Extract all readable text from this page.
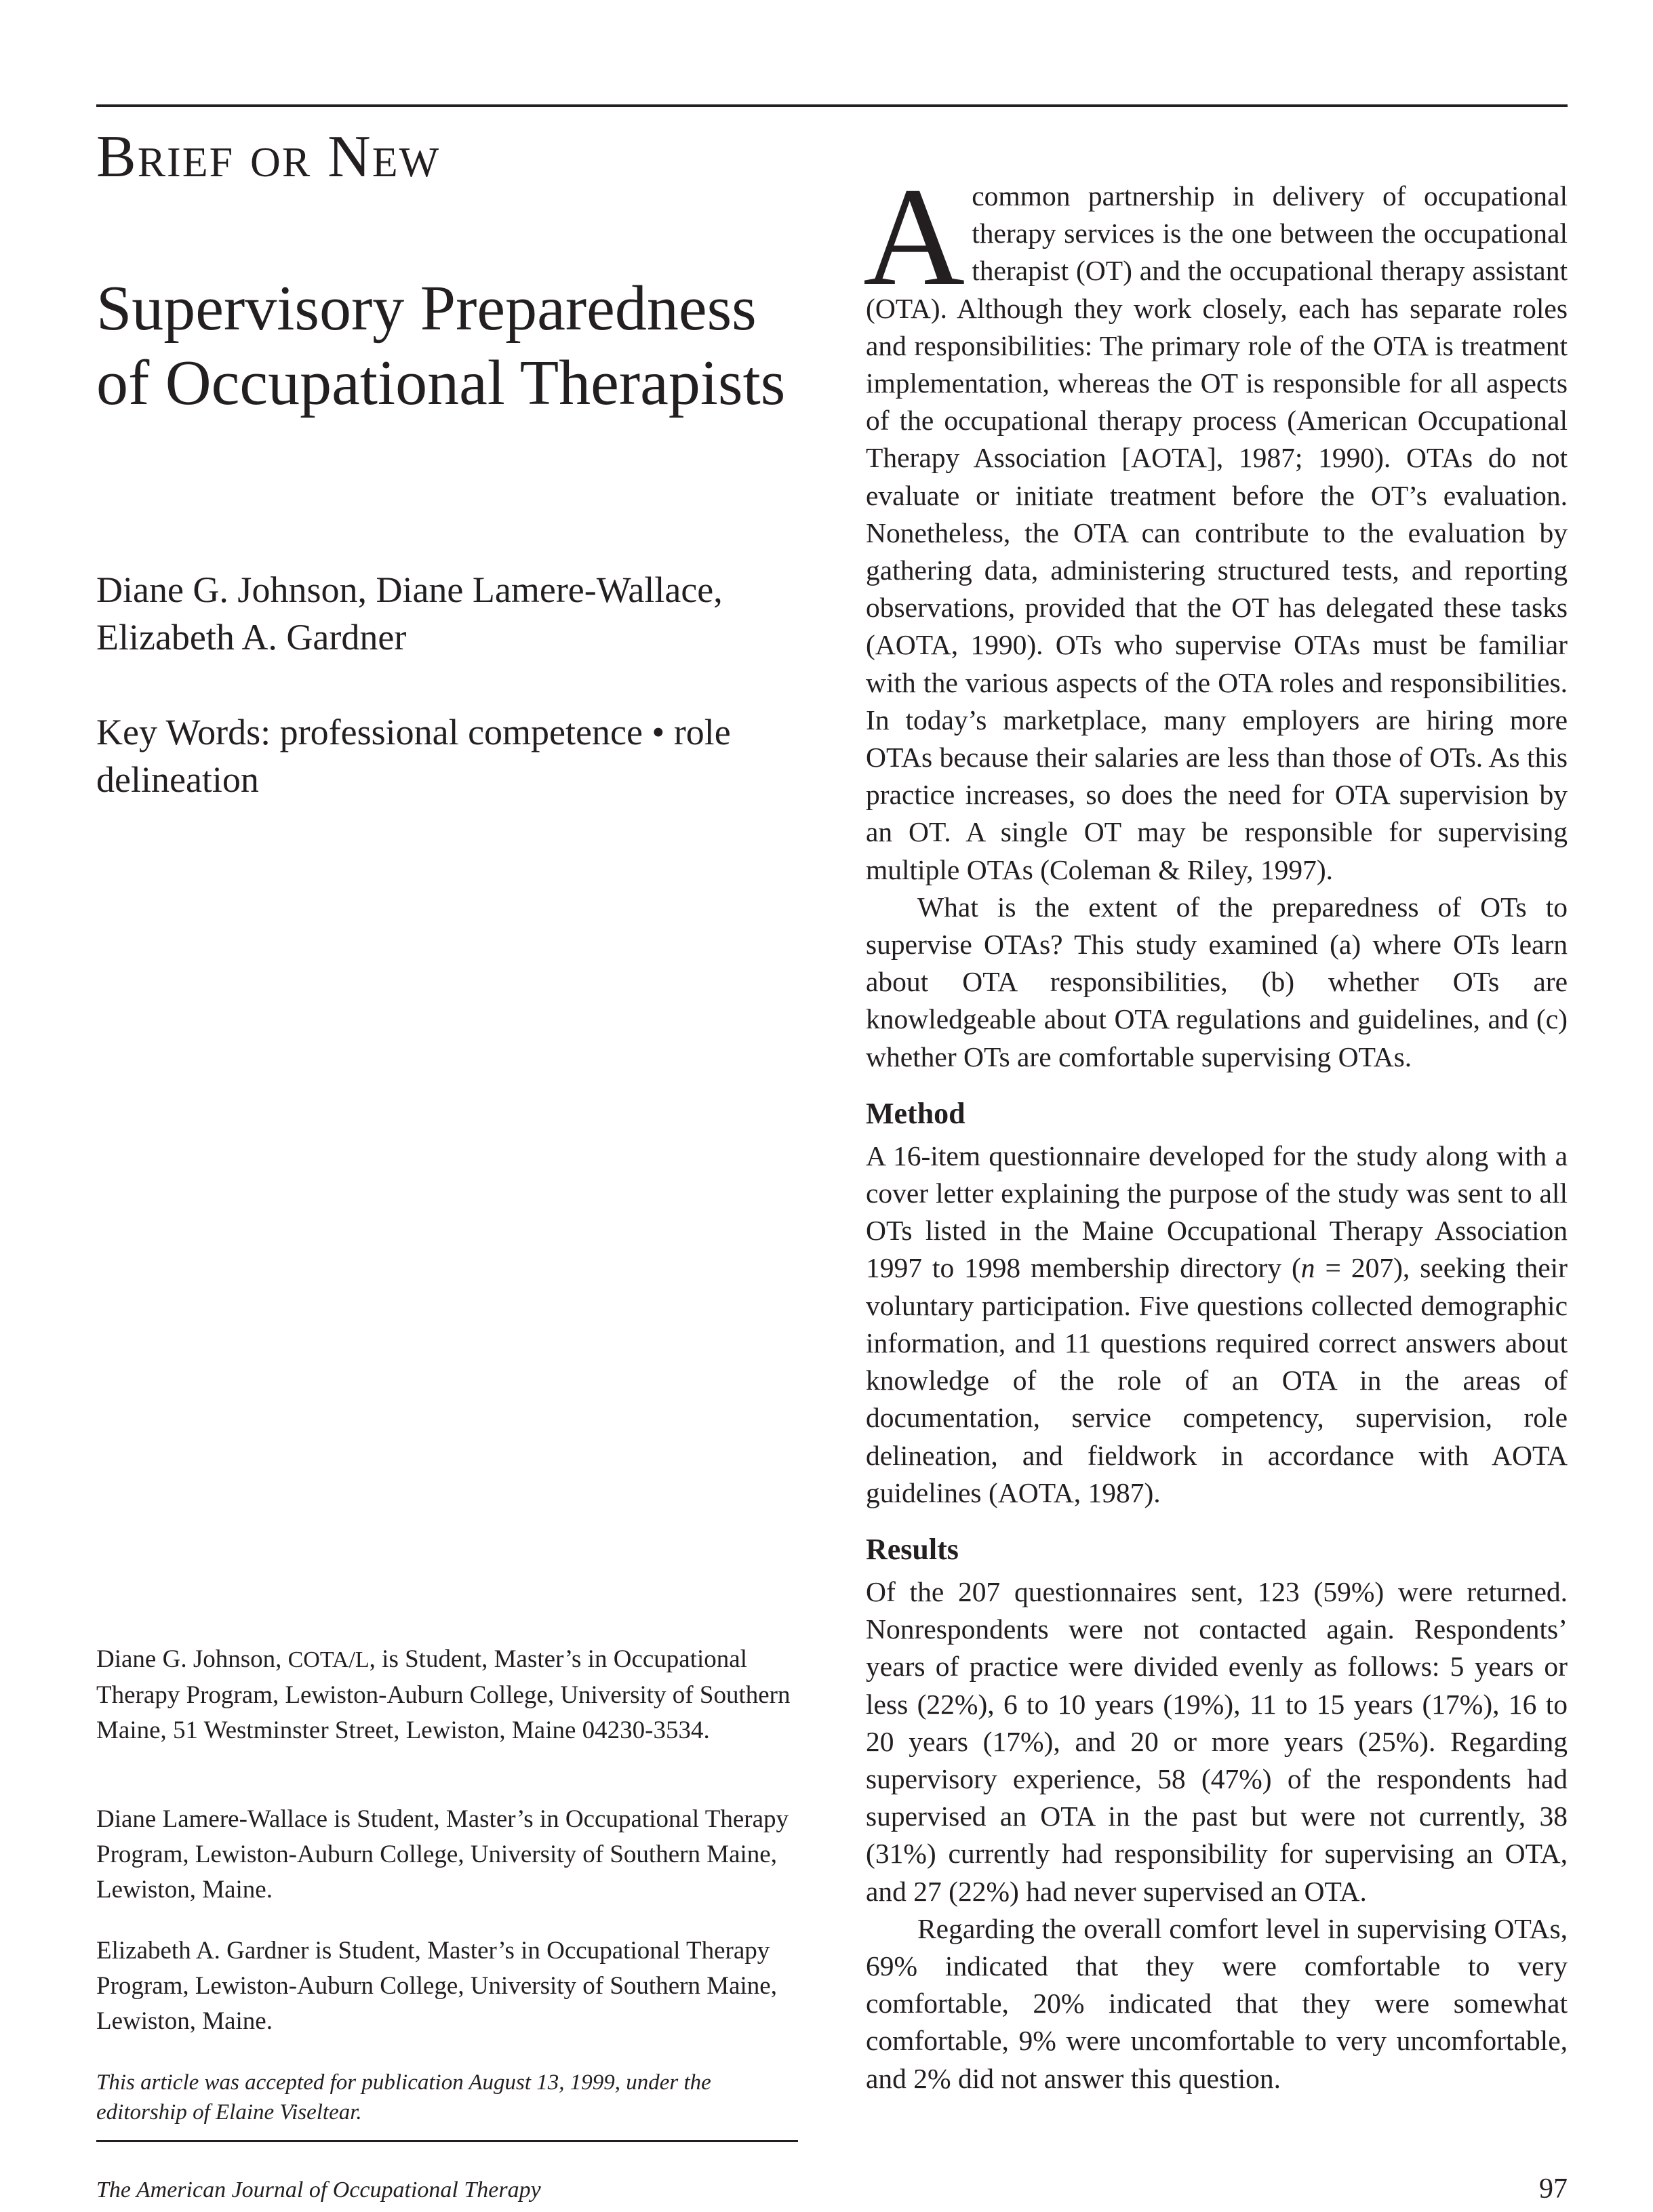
Brief or New
Supervisory Preparedness of Occupational Therapists
Diane G. Johnson, Diane Lamere-Wallace, Elizabeth A. Gardner
Key Words: professional competence • role delineation
Diane G. Johnson, COTA/L, is Student, Master’s in Occupational Therapy Program, Lewiston-Auburn College, University of Southern Maine, 51 Westminster Street, Lewiston, Maine 04230-3534.
Diane Lamere-Wallace is Student, Master’s in Occupational Therapy Program, Lewiston-Auburn College, University of Southern Maine, Lewiston, Maine.
Elizabeth A. Gardner is Student, Master’s in Occupational Therapy Program, Lewiston-Auburn College, University of Southern Maine, Lewiston, Maine.
This article was accepted for publication August 13, 1999, under the editorship of Elaine Viseltear.
The American Journal of Occupational Therapy	97

A common partnership in delivery of occupational therapy services is the one between the occupational therapist (OT) and the occupational therapy assistant (OTA). Although they work closely, each has separate roles and responsibilities: The primary role of the OTA is treatment implementation, whereas the OT is responsible for all aspects of the occupational therapy process (American Occupational Therapy Association [AOTA], 1987; 1990). OTAs do not evaluate or initiate treatment before the OT’s evaluation. Nonetheless, the OTA can contribute to the evaluation by gathering data, administering structured tests, and reporting observations, provided that the OT has delegated these tasks (AOTA, 1990). OTs who supervise OTAs must be familiar with the various aspects of the OTA roles and responsibilities. In today’s marketplace, many employers are hiring more OTAs because their salaries are less than those of OTs. As this practice increases, so does the need for OTA supervision by an OT. A single OT may be responsible for supervising multiple OTAs (Coleman & Riley, 1997).

What is the extent of the preparedness of OTs to supervise OTAs? This study examined (a) where OTs learn about OTA responsibilities, (b) whether OTs are knowledgeable about OTA regulations and guidelines, and (c) whether OTs are comfortable supervising OTAs.

Method

A 16-item questionnaire developed for the study along with a cover letter explaining the purpose of the study was sent to all OTs listed in the Maine Occupational Therapy Association 1997 to 1998 membership directory (n = 207), seeking their voluntary participation. Five questions collected demographic information, and 11 questions required correct answers about knowledge of the role of an OTA in the areas of documentation, service competency, supervision, role delineation, and fieldwork in accordance with AOTA guidelines (AOTA, 1987).

Results

Of the 207 questionnaires sent, 123 (59%) were returned. Nonrespondents were not contacted again. Respondents’ years of practice were divided evenly as follows: 5 years or less (22%), 6 to 10 years (19%), 11 to 15 years (17%), 16 to 20 years (17%), and 20 or more years (25%). Regarding supervisory experience, 58 (47%) of the respondents had supervised an OTA in the past but were not currently, 38 (31%) currently had responsibility for supervising an OTA, and 27 (22%) had never supervised an OTA.

Regarding the overall comfort level in supervising OTAs, 69% indicated that they were comfortable to very comfortable, 20% indicated that they were somewhat comfortable, 9% were uncomfortable to very uncomfortable, and 2% did not answer this question.
